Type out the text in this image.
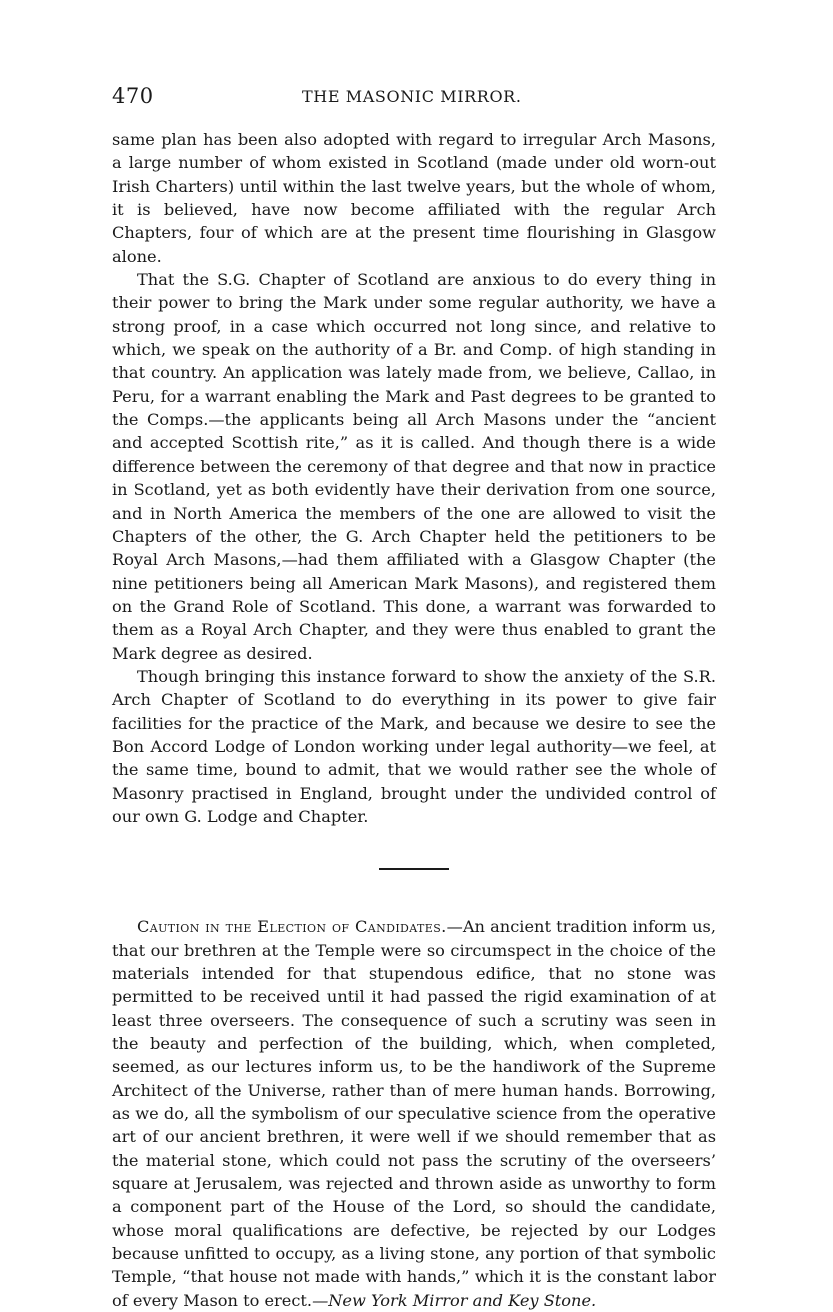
470	THE MASONIC MIRROR.

same plan has been also adopted with regard to irregular Arch Masons, a large number of whom existed in Scotland (made under old worn-out Irish Charters) until within the last twelve years, but the whole of whom, it is believed, have now become affiliated with the regular Arch Chapters, four of which are at the present time flourishing in Glasgow alone.

That the S.G. Chapter of Scotland are anxious to do every thing in their power to bring the Mark under some regular authority, we have a strong proof, in a case which occurred not long since, and relative to which, we speak on the authority of a Br. and Comp. of high standing in that country. An application was lately made from, we believe, Callao, in Peru, for a warrant enabling the Mark and Past degrees to be granted to the Comps.—the applicants being all Arch Masons under the “ancient and accepted Scottish rite,” as it is called. And though there is a wide difference between the ceremony of that degree and that now in practice in Scotland, yet as both evidently have their derivation from one source, and in North America the members of the one are allowed to visit the Chapters of the other, the G. Arch Chapter held the petitioners to be Royal Arch Masons,—had them affiliated with a Glasgow Chapter (the nine petitioners being all American Mark Masons), and registered them on the Grand Role of Scotland. This done, a warrant was forwarded to them as a Royal Arch Chapter, and they were thus enabled to grant the Mark degree as desired.

Though bringing this instance forward to show the anxiety of the S.R. Arch Chapter of Scotland to do everything in its power to give fair facilities for the practice of the Mark, and because we desire to see the Bon Accord Lodge of London working under legal authority—we feel, at the same time, bound to admit, that we would rather see the whole of Masonry practised in England, brought under the undivided control of our own G. Lodge and Chapter.

Caution in the Election of Candidates.—An ancient tradition inform us, that our brethren at the Temple were so circumspect in the choice of the materials intended for that stupendous edifice, that no stone was permitted to be received until it had passed the rigid examination of at least three overseers. The consequence of such a scrutiny was seen in the beauty and perfection of the building, which, when completed, seemed, as our lectures inform us, to be the handiwork of the Supreme Architect of the Universe, rather than of mere human hands. Borrowing, as we do, all the symbolism of our speculative science from the operative art of our ancient brethren, it were well if we should remember that as the material stone, which could not pass the scrutiny of the overseers’ square at Jerusalem, was rejected and thrown aside as unworthy to form a component part of the House of the Lord, so should the candidate, whose moral qualifications are defective, be rejected by our Lodges because unfitted to occupy, as a living stone, any portion of that symbolic Temple, “that house not made with hands,” which it is the constant labor of every Mason to erect.—New York Mirror and Key Stone.
